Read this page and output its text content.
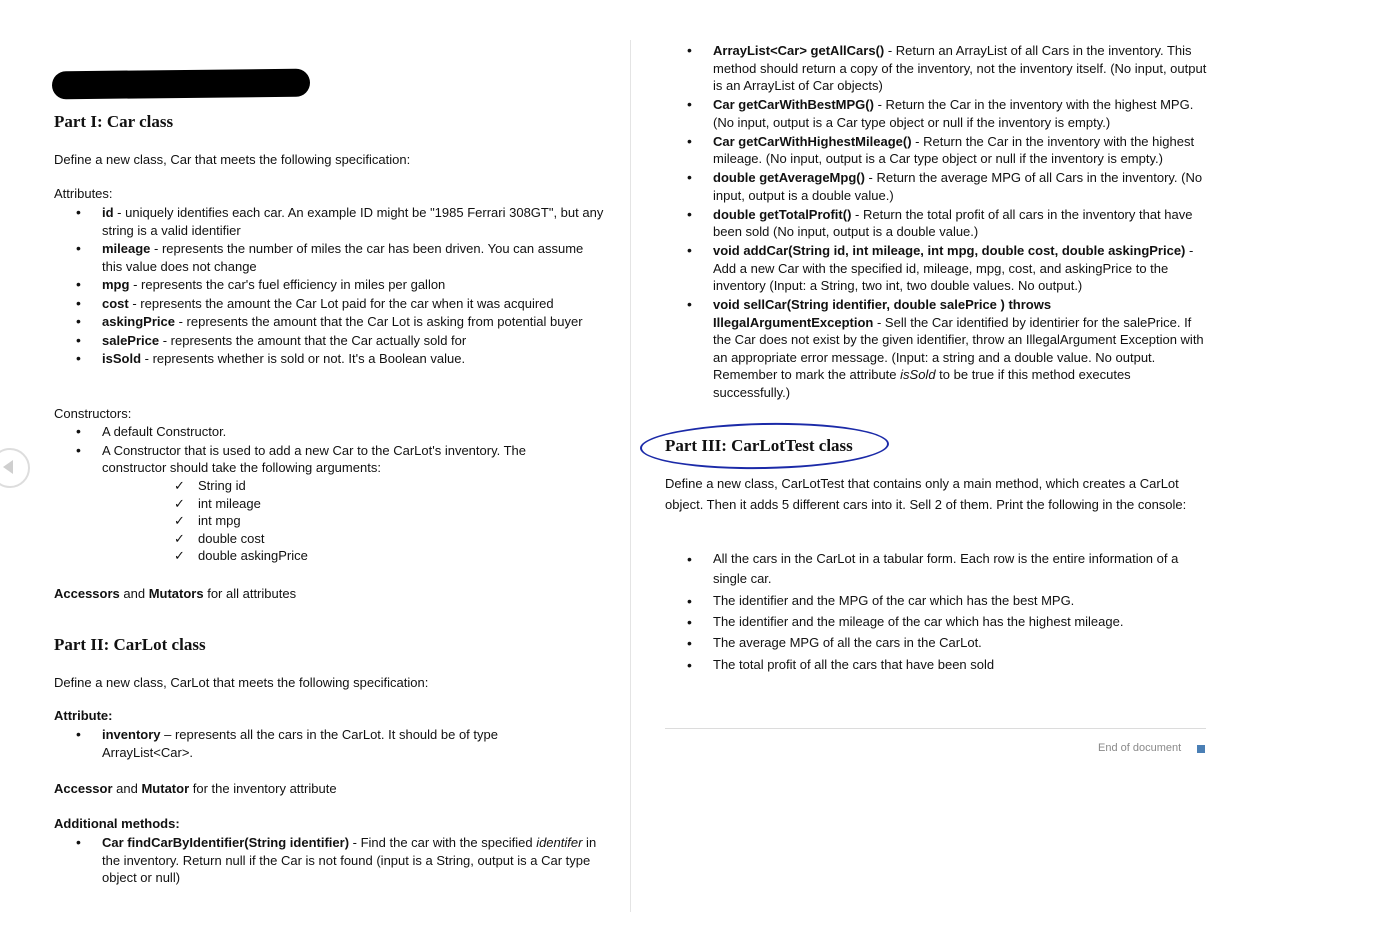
Part I: Car class

Define a new class, Car that meets the following specification:

Attributes:

• id - uniquely identifies each car. An example ID might be "1985 Ferrari 308GT", but any string is a valid identifier
• mileage - represents the number of miles the car has been driven. You can assume this value does not change
• mpg - represents the car's fuel efficiency in miles per gallon
• cost - represents the amount the Car Lot paid for the car when it was acquired
• askingPrice - represents the amount that the Car Lot is asking from potential buyer
• salePrice - represents the amount that the Car actually sold for
• isSold - represents whether is sold or not. It's a Boolean value.

Constructors:

• A default Constructor.
• A Constructor that is used to add a new Car to the CarLot's inventory. The constructor should take the following arguments:
✓ String id
✓ int mileage
✓ int mpg
✓ double cost
✓ double askingPrice

Accessors and Mutators for all attributes

Part II: CarLot class

Define a new class, CarLot that meets the following specification:

Attribute:

• inventory – represents all the cars in the CarLot. It should be of type ArrayList<Car>.

Accessor and Mutator for the inventory attribute

Additional methods:

• Car findCarByIdentifier(String identifier) - Find the car with the specified identifer in the inventory. Return null if the Car is not found (input is a String, output is a Car type object or null)
• ArrayList<Car> getAllCars() - Return an ArrayList of all Cars in the inventory. This method should return a copy of the inventory, not the inventory itself. (No input, output is an ArrayList of Car objects)
• Car getCarWithBestMPG() - Return the Car in the inventory with the highest MPG. (No input, output is a Car type object or null if the inventory is empty.)
• Car getCarWithHighestMileage() - Return the Car in the inventory with the highest mileage. (No input, output is a Car type object or null if the inventory is empty.)
• double getAverageMpg() - Return the average MPG of all Cars in the inventory. (No input, output is a double value.)
• double getTotalProfit() - Return the total profit of all cars in the inventory that have been sold (No input, output is a double value.)
• void addCar(String id, int mileage, int mpg, double cost, double askingPrice) - Add a new Car with the specified id, mileage, mpg, cost, and askingPrice to the inventory (Input: a String, two int, two double values. No output.)
• void sellCar(String identifier, double salePrice ) throws IllegalArgumentException - Sell the Car identified by identirier for the salePrice. If the Car does not exist by the given identifier, throw an IllegalArgument Exception with an appropriate error message. (Input: a string and a double value. No output. Remember to mark the attribute isSold to be true if this method executes successfully.)
Part III: CarLotTest class

Define a new class, CarLotTest that contains only a main method, which creates a CarLot object. Then it adds 5 different cars into it. Sell 2 of them. Print the following in the console:

• All the cars in the CarLot in a tabular form. Each row is the entire information of a single car.
• The identifier and the MPG of the car which has the best MPG.
• The identifier and the mileage of the car which has the highest mileage.
• The average MPG of all the cars in the CarLot.
• The total profit of all the cars that have been sold
End of document
